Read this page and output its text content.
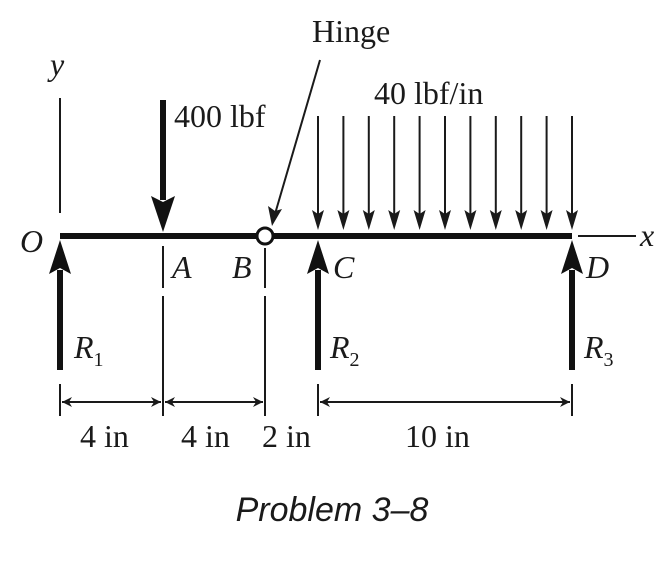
y
x
Hinge
400 lbf
40 lbf/in
O
A B	C	D
$R_1$	$R_2$	$R_3$
4 in 4 in 2 in	10 in
Problem 3–8
